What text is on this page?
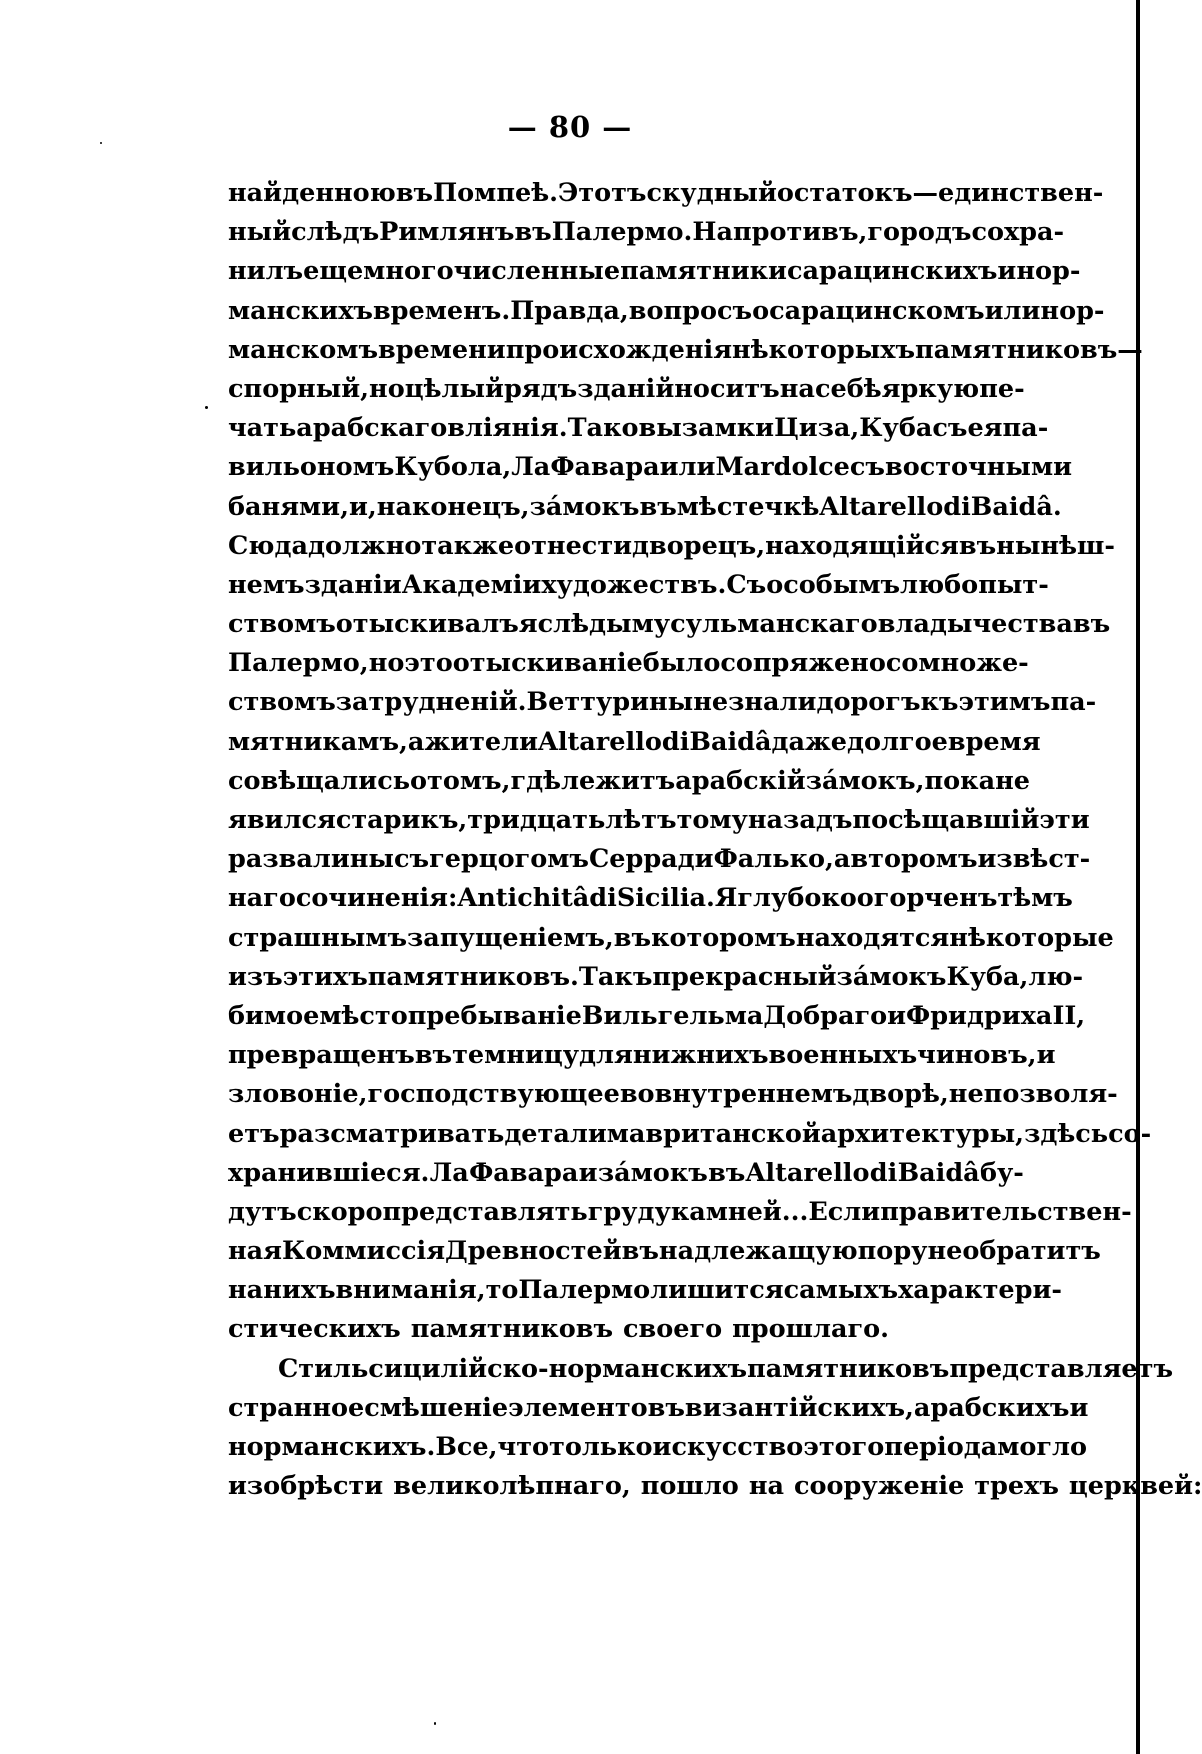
— 80 —
найденною въ Помпеѣ. Этотъ скудный остатокъ — единствен-
ный слѣдъ Римлянъ въ Палермо. Напротивъ, городъ сохра-
нилъ еще многочисленные памятники сарацинскихъ и нор-
манскихъ временъ. Правда, вопросъ о сарацинскомъ или нор-
манскомъ времени происхожденія нѣкоторыхъ памятниковъ—
спорный, но цѣлый рядъ зданій носитъ на себѣ яркую пе-
чать арабскаго вліянія. Таковы замки Циза, Куба съ ея па-
вильономъ Кубола, Ла Фавара или Mardolce съ восточными
банями, и, наконецъ, зáмокъ въ мѣстечкѣ Altarello di Baidâ.
Сюда должно также отнести дворецъ, находящійся въ нынѣш-
немъ зданіи Академіи художествъ. Съ особымъ любопыт-
ствомъ отыскивалъ я слѣды мусульманскаго владычества въ
Палермо, но это отыскиваніе было сопряжено со множе-
ствомъ затрудненій. Веттурины не знали дорогъ къ этимъ па-
мятникамъ, а жители Altarello di Baidâ даже долгое время
совѣщались о томъ, гдѣ лежитъ арабскій зáмокъ, пока не
явился старикъ, тридцать лѣтъ тому назадъ посѣщавшій эти
развалины съ герцогомъ Серра ди Фалько, авторомъ извѣст-
наго сочиненія: Antichitâ di Sicilia. Я глубоко огорченъ тѣмъ
страшнымъ запущеніемъ, въ которомъ находятся нѣкоторые
изъ этихъ памятниковъ. Такъ прекрасный зáмокъ Куба, лю-
бимое мѣстопребываніе Вильгельма Добраго и Фридриха II,
превращенъ въ темницу для нижнихъ военныхъ чиновъ, и
зловоніе, господствующее во внутреннемъ дворѣ, не позволя-
етъ разсматривать детали мавританской архитектуры, здѣсь со-
хранившіеся. Ла Фавара и зáмокъ въ Altarello di Baidâ бу-
дутъ скоро представлять груду камней... Если правительствен-
ная Коммиссія Древностей въ надлежащую пору не обратитъ
на нихъ вниманія, то Палермо лишится самыхъ характери-
стическихъ памятниковъ своего прошлаго.
Стиль сицилійско-норманскихъ памятниковъ представляетъ
странное смѣшеніе элементовъ византійскихъ, арабскихъ и
норманскихъ. Все, что только искусство этого періода могло
изобрѣсти великолѣпнаго, пошло на сооруженіе трехъ церквей:
